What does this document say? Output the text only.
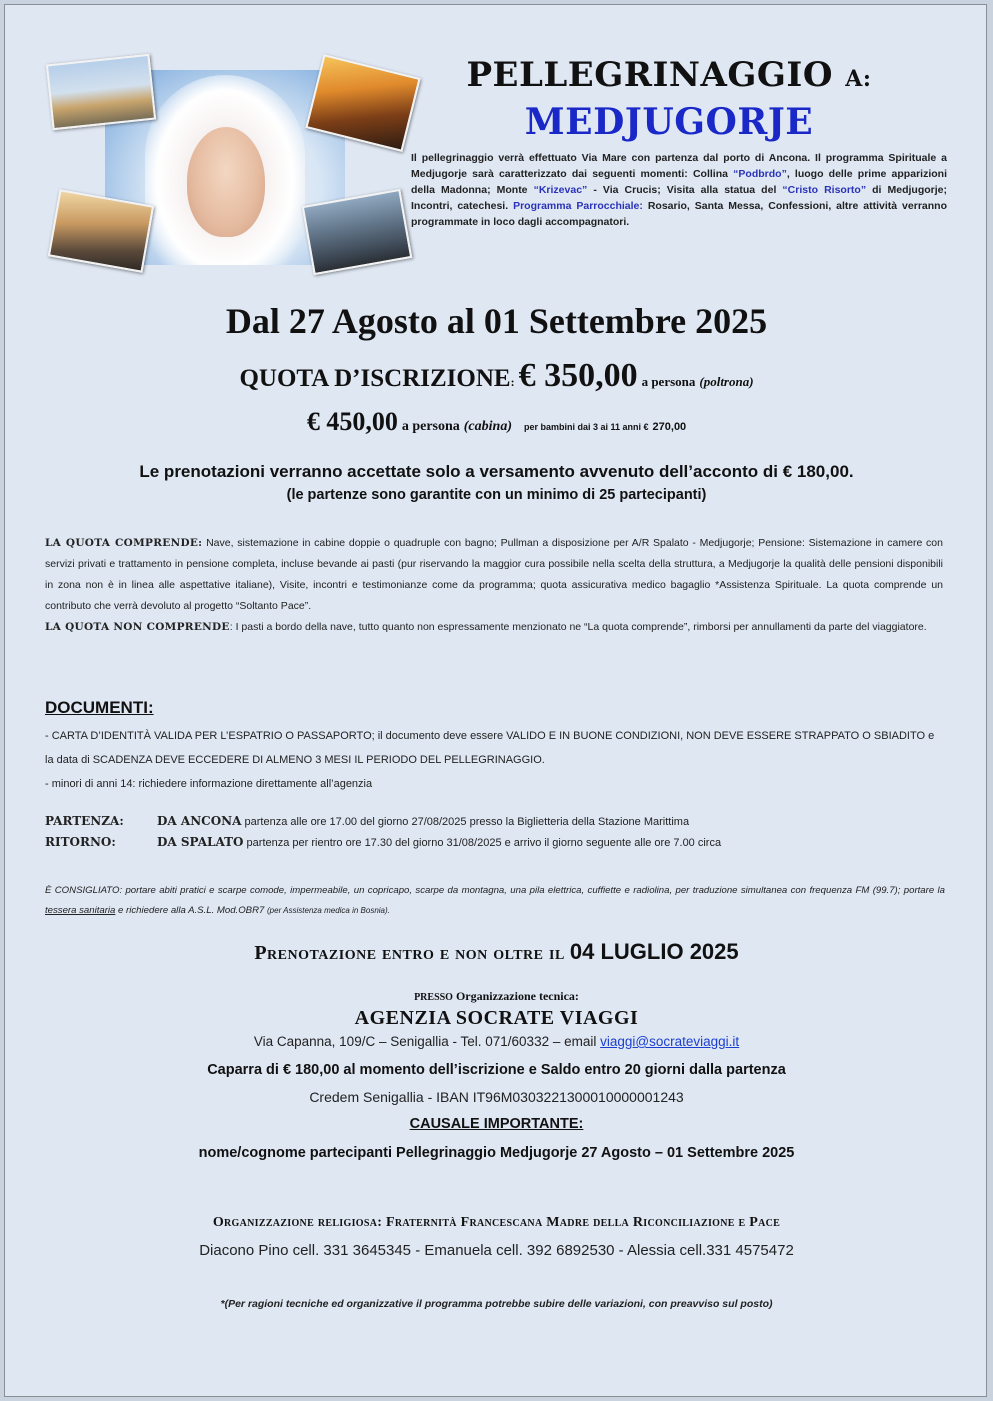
PELLEGRINAGGIO A:
MEDJUGORJE
Il pellegrinaggio verrà effettuato Via Mare con partenza dal porto di Ancona. Il programma Spirituale a Medjugorje sarà caratterizzato dai seguenti momenti: Collina “Podbrdo”, luogo delle prime apparizioni della Madonna; Monte “Krizevac” - Via Crucis; Visita alla statua del “Cristo Risorto” di Medjugorje; Incontri, catechesi. Programma Parrocchiale: Rosario, Santa Messa, Confessioni, altre attività verranno programmate in loco dagli accompagnatori.
Dal 27 Agosto al 01 Settembre 2025
QUOTA D’ISCRIZIONE: € 350,00 a persona (poltrona)
€ 450,00 a persona (cabina) per bambini dai 3 ai 11 anni € 270,00
Le prenotazioni verranno accettate solo a versamento avvenuto dell’acconto di € 180,00.
(le partenze sono garantite con un minimo di 25 partecipanti)
LA QUOTA COMPRENDE: Nave, sistemazione in cabine doppie o quadruple con bagno; Pullman a disposizione per A/R Spalato - Medjugorje; Pensione: Sistemazione in camere con servizi privati e trattamento in pensione completa, incluse bevande ai pasti (pur riservando la maggior cura possibile nella scelta della struttura, a Medjugorje la qualità delle pensioni disponibili in zona non è in linea alle aspettative italiane), Visite, incontri e testimonianze come da programma; quota assicurativa medico bagaglio *Assistenza Spirituale. La quota comprende un contributo che verrà devoluto al progetto “Soltanto Pace”.
LA QUOTA NON COMPRENDE: I pasti a bordo della nave, tutto quanto non espressamente menzionato ne “La quota comprende”, rimborsi per annullamenti da parte del viaggiatore.
DOCUMENTI:
- CARTA D’IDENTITÀ VALIDA PER L’ESPATRIO O PASSAPORTO; il documento deve essere VALIDO E IN BUONE CONDIZIONI, NON DEVE ESSERE STRAPPATO O SBIADITO e la data di SCADENZA DEVE ECCEDERE DI ALMENO 3 MESI IL PERIODO DEL PELLEGRINAGGIO.
- minori di anni 14: richiedere informazione direttamente all’agenzia
PARTENZA:	DA ANCONA partenza alle ore 17.00 del giorno 27/08/2025 presso la Biglietteria della Stazione Marittima
RITORNO:	DA SPALATO partenza per rientro ore 17.30 del giorno 31/08/2025 e arrivo il giorno seguente alle ore 7.00 circa
È CONSIGLIATO: portare abiti pratici e scarpe comode, impermeabile, un copricapo, scarpe da montagna, una pila elettrica, cuffiette e radiolina, per traduzione simultanea con frequenza FM (99.7); portare la tessera sanitaria e richiedere alla A.S.L. Mod.OBR7 (per Assistenza medica in Bosnia).
Prenotazione entro e non oltre il 04 LUGLIO 2025
PRESSO Organizzazione tecnica:
AGENZIA SOCRATE VIAGGI
Via Capanna, 109/C – Senigallia - Tel. 071/60332 – email viaggi@socrateviaggi.it
Caparra di € 180,00 al momento dell’iscrizione e Saldo entro 20 giorni dalla partenza
Credem Senigallia - IBAN IT96M0303221300010000001243
CAUSALE IMPORTANTE:
nome/cognome partecipanti Pellegrinaggio Medjugorje 27 Agosto – 01 Settembre 2025
Organizzazione religiosa: Fraternità Francescana Madre della Riconciliazione e Pace
Diacono Pino cell. 331 3645345 - Emanuela cell. 392 6892530 - Alessia cell.331 4575472
*(Per ragioni tecniche ed organizzative il programma potrebbe subire delle variazioni, con preavviso sul posto)
